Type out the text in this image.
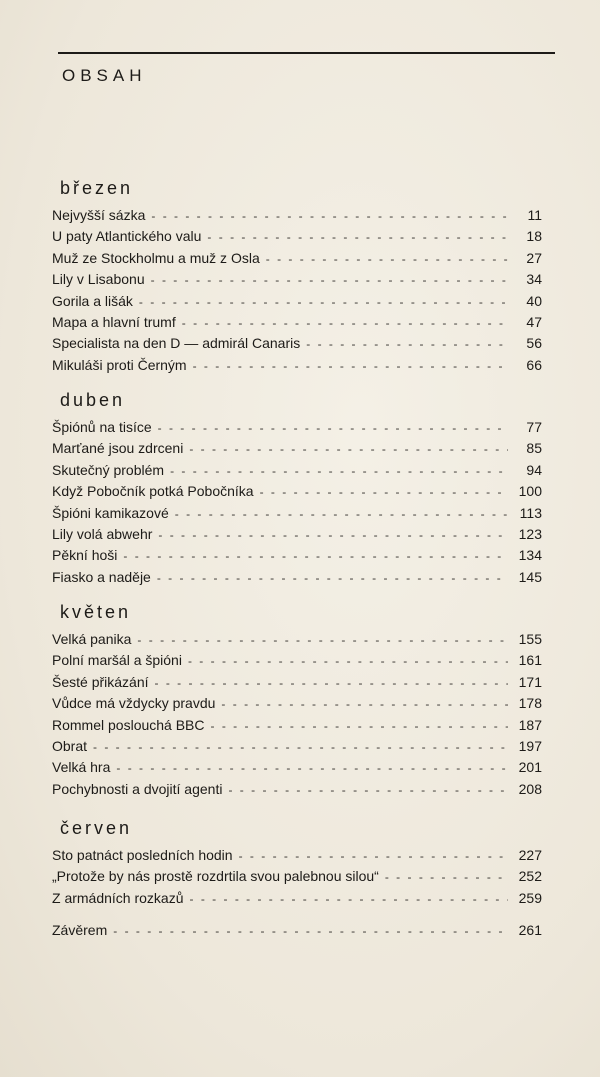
OBSAH
březen
Nejvyšší sázka - - -	11
U paty Atlantického valu - - -	18
Muž ze Stockholmu a muž z Osla - - -	27
Lily v Lisabonu - - -	34
Gorila a lišák - - -	40
Mapa a hlavní trumf - - -	47
Specialista na den D — admirál Canaris - - -	56
Mikuláši proti Černým - - -	66
duben
Špiónů na tisíce - - -	77
Marťané jsou zdrceni - - -	85
Skutečný problém - - -	94
Když Pobočník potká Pobočníka - - -	100
Špióni kamikazové - - -	113
Lily volá abwehr - - -	123
Pěkní hoši - - -	134
Fiasko a naděje - - -	145
květen
Velká panika - - -	155
Polní maršál a špióni - - -	161
Šesté přikázání - - -	171
Vůdce má vždycky pravdu - - -	178
Rommel poslouchá BBC - - -	187
Obrat - - -	197
Velká hra - - -	201
Pochybnosti a dvojití agenti - - -	208
červen
Sto patnáct posledních hodin - - -	227
„Protože by nás prostě rozdrtila svou palebnou silou“ - - -	252
Z armádních rozkazů - - -	259
Závěrem - - -	261
